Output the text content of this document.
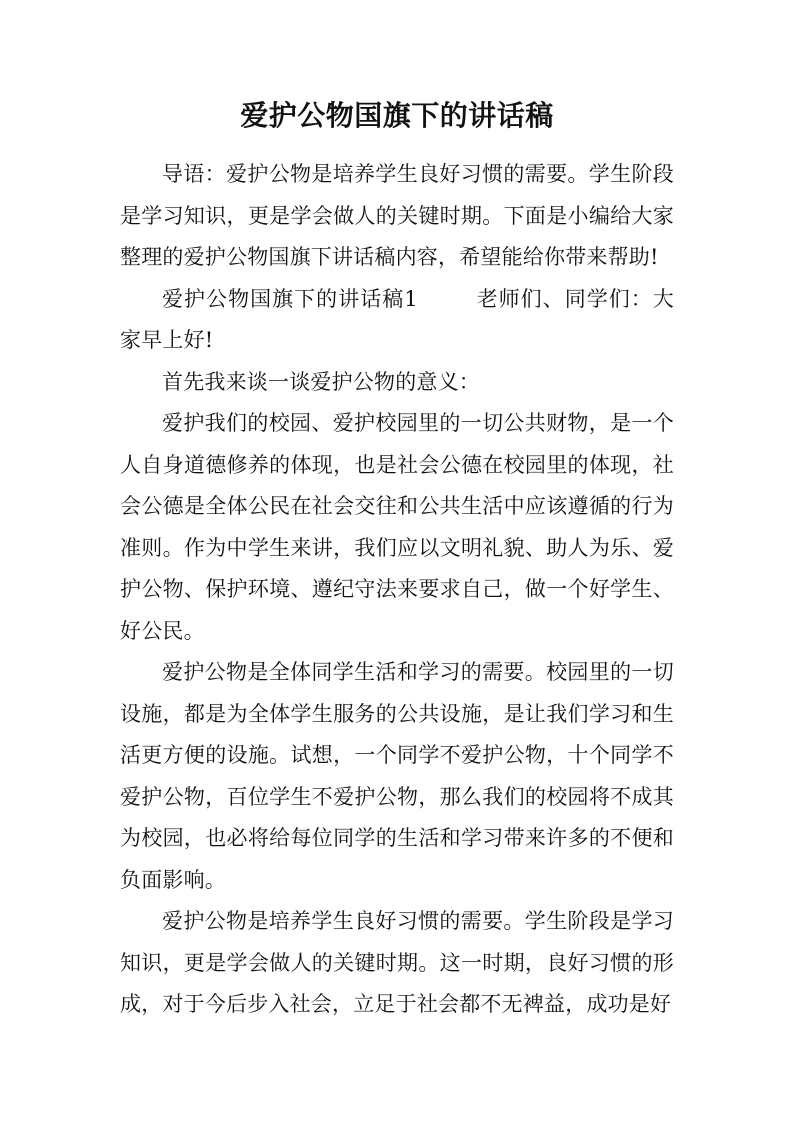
爱护公物国旗下的讲话稿

导语：爱护公物是培养学生良好习惯的需要。学生阶段是学习知识，更是学会做人的关键时期。下面是小编给大家整理的爱护公物国旗下讲话稿内容，希望能给你带来帮助!

爱护公物国旗下的讲话稿1	老师们、同学们：大家早上好!

首先我来谈一谈爱护公物的意义：

爱护我们的校园、爱护校园里的一切公共财物，是一个人自身道德修养的体现，也是社会公德在校园里的体现，社会公德是全体公民在社会交往和公共生活中应该遵循的行为准则。作为中学生来讲，我们应以文明礼貌、助人为乐、爱护公物、保护环境、遵纪守法来要求自己，做一个好学生、好公民。

爱护公物是全体同学生活和学习的需要。校园里的一切设施，都是为全体学生服务的公共设施，是让我们学习和生活更方便的设施。试想，一个同学不爱护公物，十个同学不爱护公物，百位学生不爱护公物，那么我们的校园将不成其为校园，也必将给每位同学的生活和学习带来许多的不便和负面影响。

爱护公物是培养学生良好习惯的需要。学生阶段是学习知识，更是学会做人的关键时期。这一时期，良好习惯的形成，对于今后步入社会，立足于社会都不无裨益，成功是好
